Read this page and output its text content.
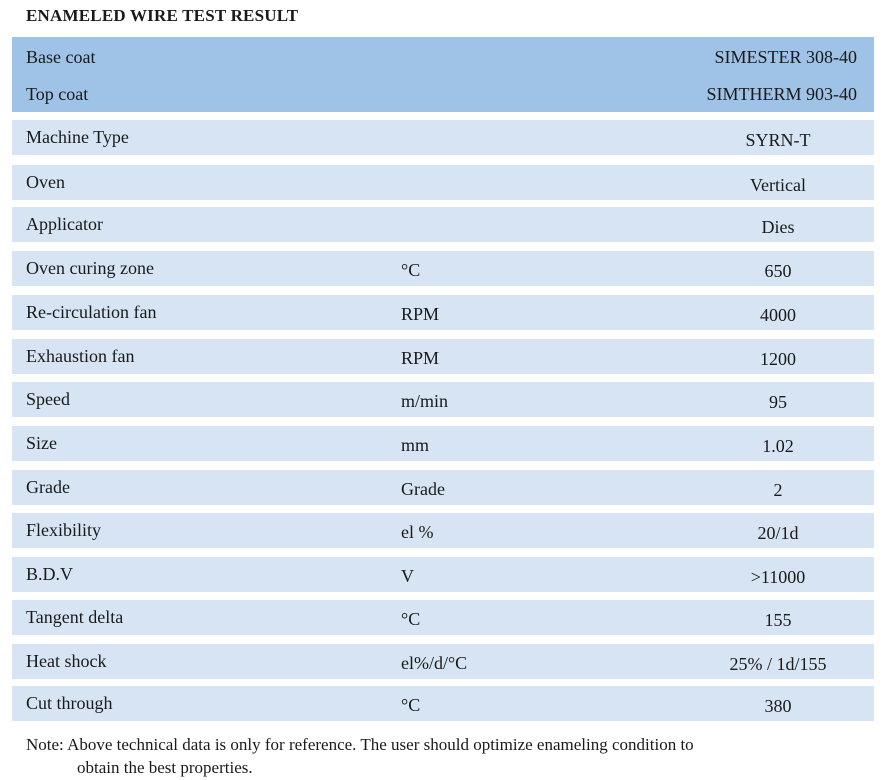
ENAMELED WIRE TEST RESULT
Base coat	SIMESTER 308-40
Top coat	SIMTHERM 903-40
Machine Type	SYRN-T
Oven	Vertical
Applicator	Dies
Oven curing zone	°C	650
Re-circulation fan	RPM	4000
Exhaustion fan	RPM	1200
Speed	m/min	95
Size	mm	1.02
Grade	Grade	2
Flexibility	el %	20/1d
B.D.V	V	>11000
Tangent delta	°C	155
Heat shock	el%/d/°C	25% / 1d/155
Cut through	°C	380
Note: Above technical data is only for reference. The user should optimize enameling condition to
obtain the best properties.
